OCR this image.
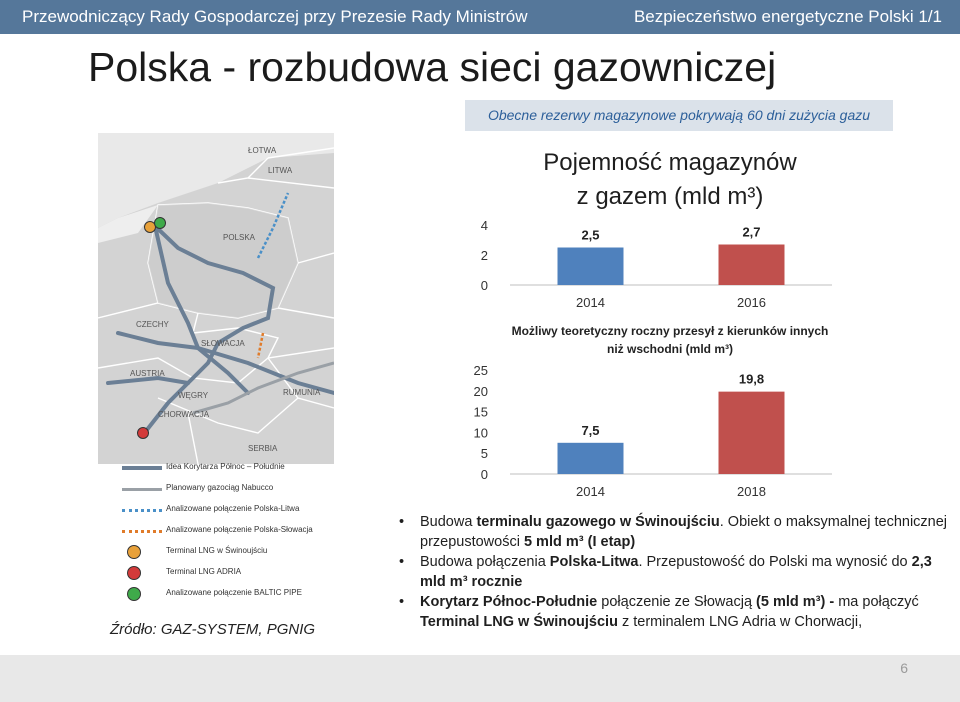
Przewodniczący Rady Gospodarczej przy Prezesie Rady Ministrów	Bezpieczeństwo energetyczne Polski 1/1
Polska - rozbudowa sieci gazowniczej
Obecne rezerwy magazynowe pokrywają 60 dni zużycia gazu
ŁOTWA
LITWA
POLSKA
CZECHY
SŁOWACJA
AUSTRIA
WĘGRY	RUMUNIA
CHORWACJA
SERBIA
Idea Korytarza Północ – Południe
Planowany gazociąg Nabucco
Analizowane połączenie Polska-Litwa
Analizowane połączenie Polska-Słowacja
Terminal LNG w Świnoujściu
Terminal LNG ADRIA
Analizowane połączenie BALTIC PIPE
Źródło: GAZ-SYSTEM, PGNIG
Pojemność magazynów
z gazem (mld m³)
0
2
4
2,5
2014
2,7
2016
Możliwy teoretyczny roczny przesył z kierunków innych
niż wschodni (mld m³)
0
5
10
15
20
25
7,5
2014
19,8
2018
• Budowa terminalu gazowego w Świnoujściu. Obiekt o maksymalnej technicznej przepustowości 5 mld m³ (I etap)
• Budowa połączenia Polska-Litwa. Przepustowość do Polski ma wynosić do 2,3 mld m³ rocznie
• Korytarz Północ-Południe połączenie ze Słowacją (5 mld m³) - ma połączyć Terminal LNG w Świnoujściu z terminalem LNG Adria w Chorwacji,
6
